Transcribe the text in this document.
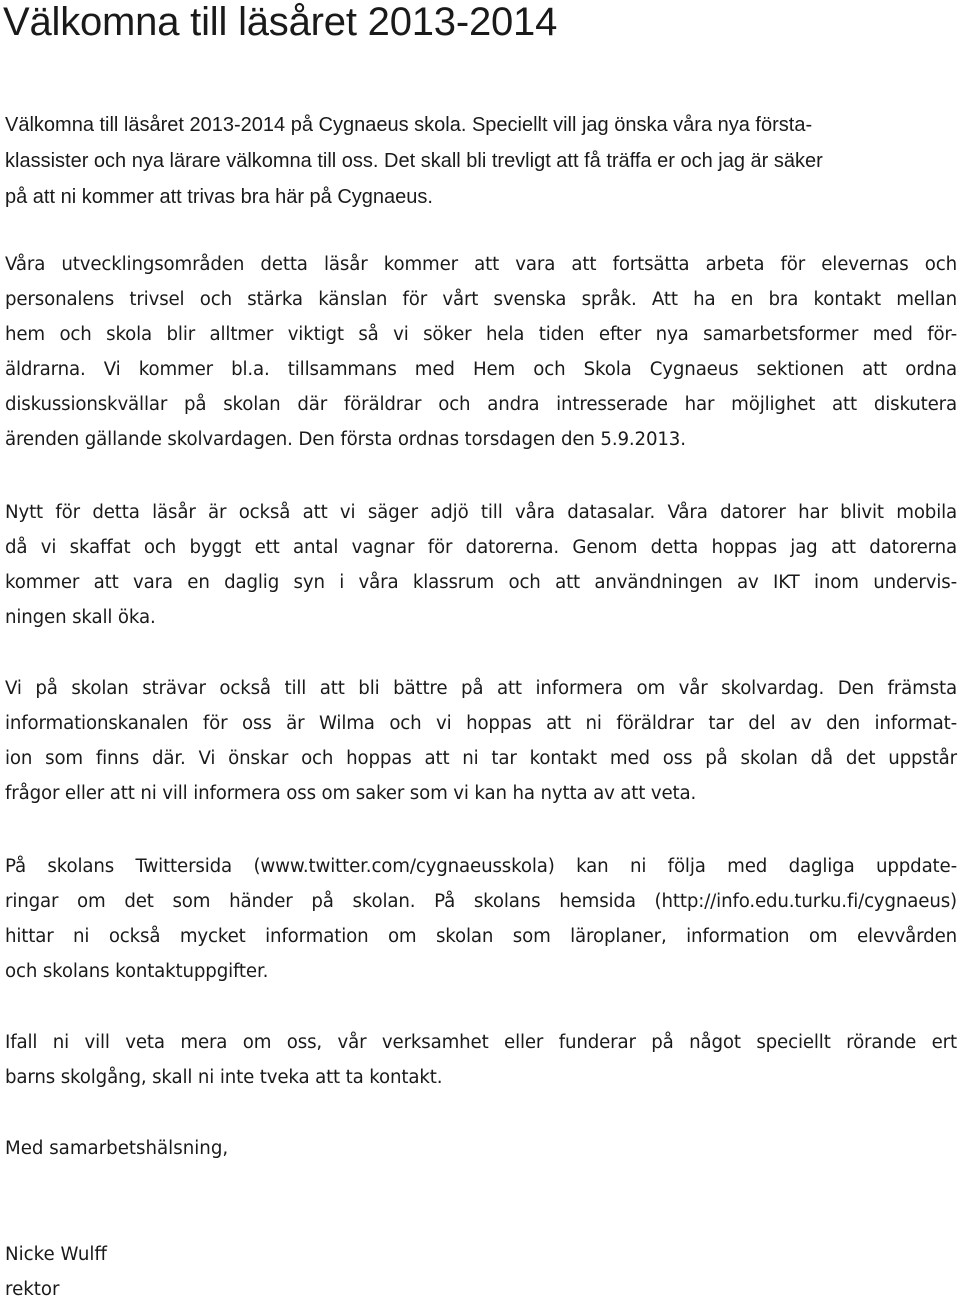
Välkomna till läsåret 2013-2014

Välkomna till läsåret 2013-2014 på Cygnaeus skola. Speciellt vill jag önska våra nya första-
klassister och nya lärare välkomna till oss. Det skall bli trevligt att få träffa er och jag är säker
på att ni kommer att trivas bra här på Cygnaeus.

Våra utvecklingsområden detta läsår kommer att vara att fortsätta arbeta för elevernas och
personalens trivsel och stärka känslan för vårt svenska språk. Att ha en bra kontakt mellan
hem och skola blir alltmer viktigt så vi söker hela tiden efter nya samarbetsformer med för-
äldrarna. Vi kommer bl.a. tillsammans med Hem och Skola Cygnaeus sektionen att ordna
diskussionskvällar på skolan där föräldrar och andra intresserade har möjlighet att diskutera
ärenden gällande skolvardagen. Den första ordnas torsdagen den 5.9.2013.

Nytt för detta läsår är också att vi säger adjö till våra datasalar. Våra datorer har blivit mobila
då vi skaffat och byggt ett antal vagnar för datorerna. Genom detta hoppas jag att datorerna
kommer att vara en daglig syn i våra klassrum och att användningen av IKT inom undervis-
ningen skall öka.

Vi på skolan strävar också till att bli bättre på att informera om vår skolvardag. Den främsta
informationskanalen för oss är Wilma och vi hoppas att ni föräldrar tar del av den informat-
ion som finns där. Vi önskar och hoppas att ni tar kontakt med oss på skolan då det uppstår
frågor eller att ni vill informera oss om saker som vi kan ha nytta av att veta.

På skolans Twittersida (www.twitter.com/cygnaeusskola) kan ni följa med dagliga uppdate-
ringar om det som händer på skolan. På skolans hemsida (http://info.edu.turku.fi/cygnaeus)
hittar ni också mycket information om skolan som läroplaner, information om elevvården
och skolans kontaktuppgifter.

Ifall ni vill veta mera om oss, vår verksamhet eller funderar på något speciellt rörande ert
barns skolgång, skall ni inte tveka att ta kontakt.

Med samarbetshälsning,

Nicke Wulff
rektor
